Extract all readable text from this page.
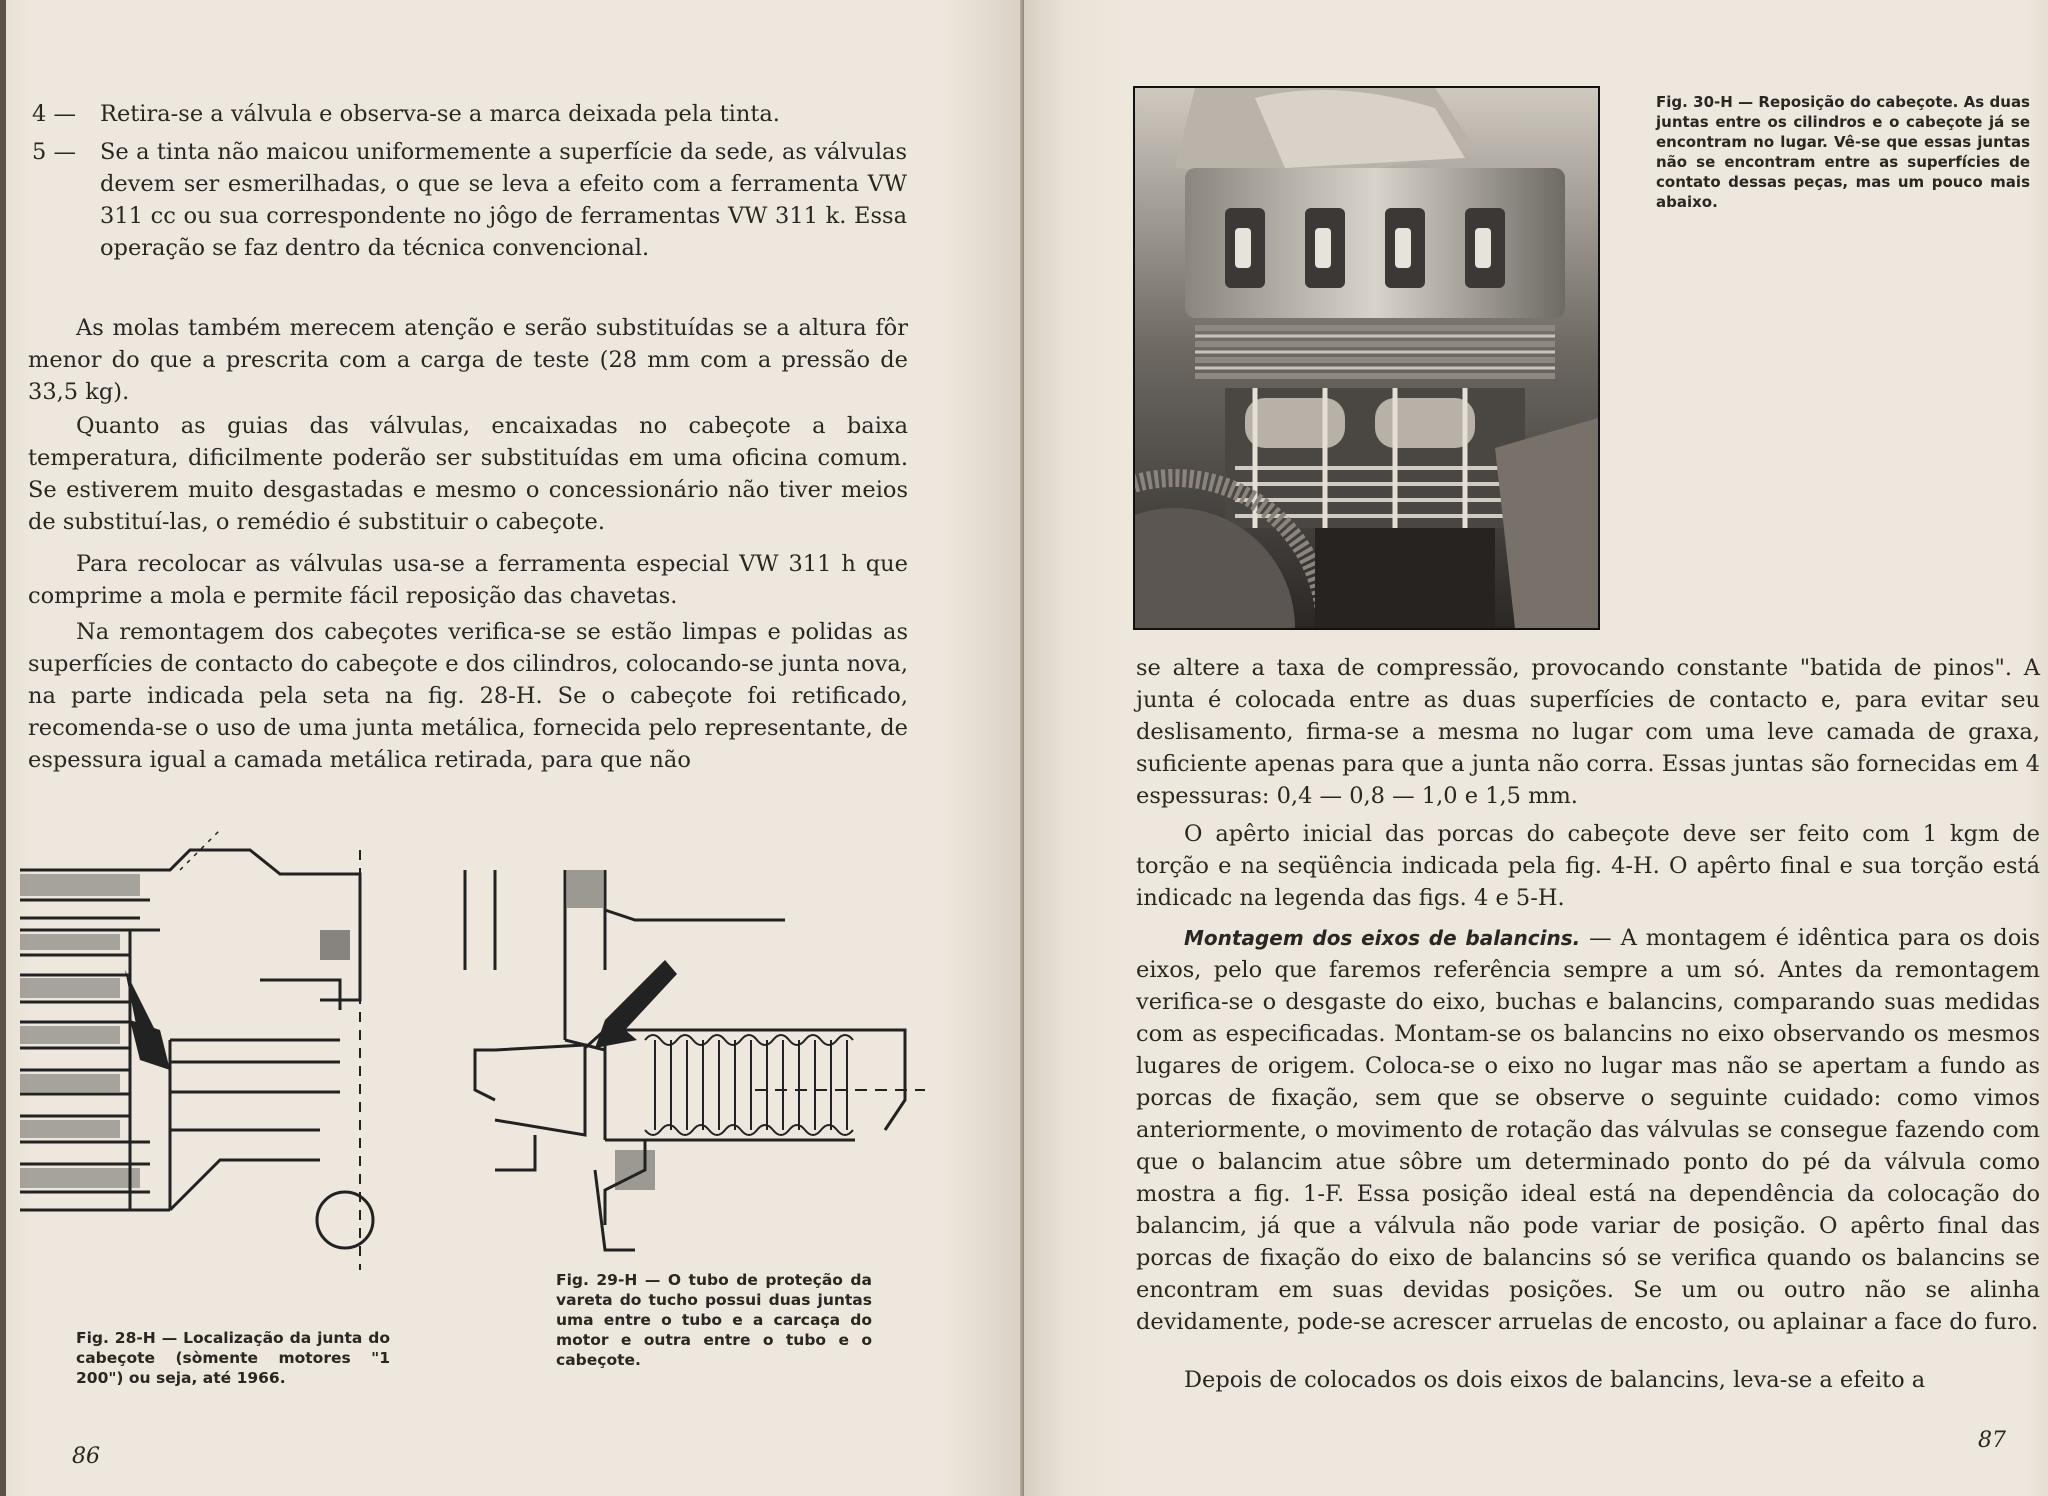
4 —	Retira-se a válvula e observa-se a marca deixada pela tinta.
5 —	Se a tinta não maicou uniformemente a superfície da sede, as válvulas devem ser esmerilhadas, o que se leva a efeito com a ferramenta VW 311 cc ou sua correspondente no jôgo de ferramentas VW 311 k. Essa operação se faz dentro da técnica convencional.
As molas também merecem atenção e serão substituídas se a altura fôr menor do que a prescrita com a carga de teste (28 mm com a pressão de 33,5 kg).
Quanto as guias das válvulas, encaixadas no cabeçote a baixa temperatura, dificilmente poderão ser substituídas em uma oficina comum. Se estiverem muito desgastadas e mesmo o concessionário não tiver meios de substituí-las, o remédio é substituir o cabeçote.
Para recolocar as válvulas usa-se a ferramenta especial VW 311 h que comprime a mola e permite fácil reposição das chavetas.
Na remontagem dos cabeçotes verifica-se se estão limpas e polidas as superfícies de contacto do cabeçote e dos cilindros, colocando-se junta nova, na parte indicada pela seta na fig. 28-H. Se o cabeçote foi retificado, recomenda-se o uso de uma junta metálica, fornecida pelo representante, de espessura igual a camada metálica retirada, para que não
Fig. 28-H — Localização da junta do cabeçote (sòmente motores "1 200") ou seja, até 1966.
Fig. 29-H — O tubo de proteção da vareta do tucho possui duas juntas uma entre o tubo e a carcaça do motor e outra entre o tubo e o cabeçote.
86
Fig. 30-H — Reposição do cabeçote. As duas juntas entre os cilindros e o cabeçote já se encontram no lugar. Vê-se que essas juntas não se encontram entre as superfícies de contato dessas peças, mas um pouco mais abaixo.
se altere a taxa de compressão, provocando constante "batida de pinos". A junta é colocada entre as duas superfícies de contacto e, para evitar seu deslisamento, firma-se a mesma no lugar com uma leve camada de graxa, suficiente apenas para que a junta não corra. Essas juntas são fornecidas em 4 espessuras: 0,4 — 0,8 — 1,0 e 1,5 mm.
O apêrto inicial das porcas do cabeçote deve ser feito com 1 kgm de torção e na seqüência indicada pela fig. 4-H. O apêrto final e sua torção está indicadc na legenda das figs. 4 e 5-H.
Montagem dos eixos de balancins. — A montagem é idêntica para os dois eixos, pelo que faremos referência sempre a um só. Antes da remontagem verifica-se o desgaste do eixo, buchas e balancins, comparando suas medidas com as especificadas. Montam-se os balancins no eixo observando os mesmos lugares de origem. Coloca-se o eixo no lugar mas não se apertam a fundo as porcas de fixação, sem que se observe o seguinte cuidado: como vimos anteriormente, o movimento de rotação das válvulas se consegue fazendo com que o balancim atue sôbre um determinado ponto do pé da válvula como mostra a fig. 1-F. Essa posição ideal está na dependência da colocação do balancim, já que a válvula não pode variar de posição. O apêrto final das porcas de fixação do eixo de balancins só se verifica quando os balancins se encontram em suas devidas posições. Se um ou outro não se alinha devidamente, pode-se acrescer arruelas de encosto, ou aplainar a face do furo.
Depois de colocados os dois eixos de balancins, leva-se a efeito a
87
